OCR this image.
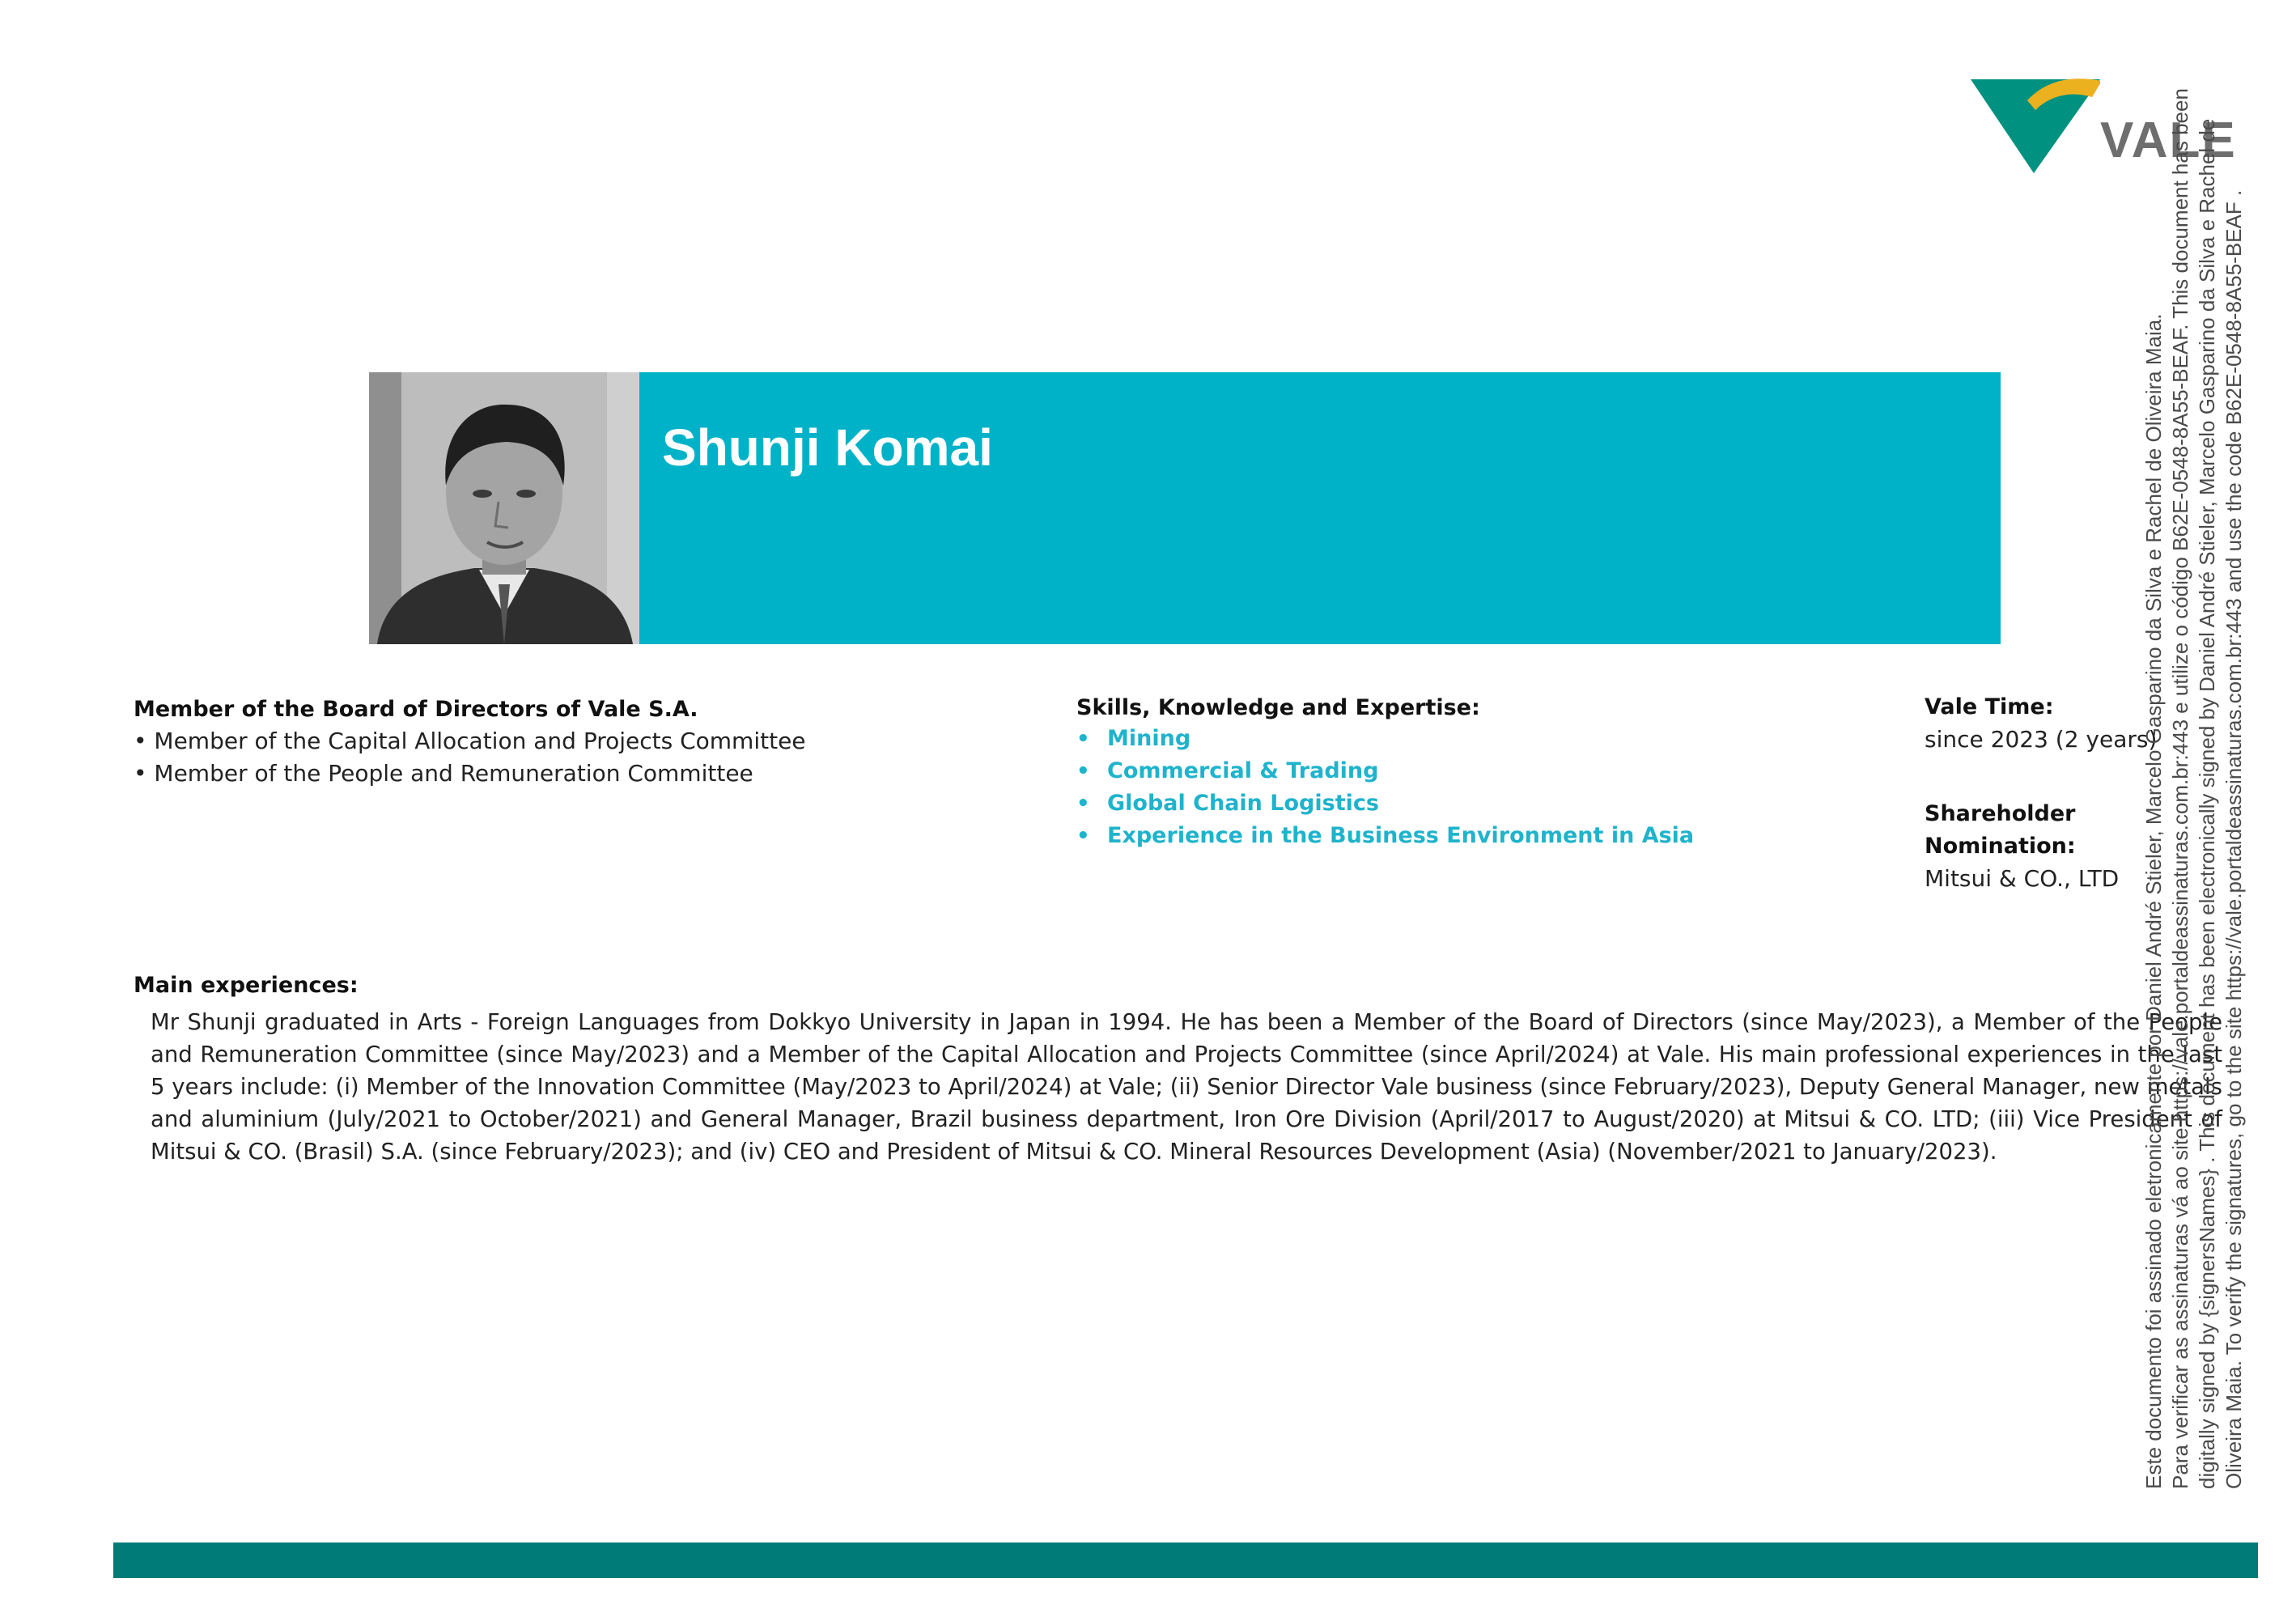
VALE
Shunji Komai
Member of the Board of Directors of Vale S.A.
• Member of the Capital Allocation and Projects Committee
• Member of the People and Remuneration Committee
Skills, Knowledge and Expertise:
• Mining
• Commercial & Trading
• Global Chain Logistics
• Experience in the Business Environment in Asia
Vale Time:
since 2023 (2 years)
Shareholder
Nomination:
Mitsui & CO., LTD
Main experiences:
Mr Shunji graduated in Arts - Foreign Languages from Dokkyo University in Japan in 1994. He has been a Member of the Board of Directors (since May/2023), a Member of the People and Remuneration Committee (since May/2023) and a Member of the Capital Allocation and Projects Committee (since April/2024) at Vale. His main professional experiences in the last 5 years include: (i) Member of the Innovation Committee (May/2023 to April/2024) at Vale; (ii) Senior Director Vale business (since February/2023), Deputy General Manager, new metals and aluminium (July/2021 to October/2021) and General Manager, Brazil business department, Iron Ore Division (April/2017 to August/2020) at Mitsui & CO. LTD; (iii) Vice President of Mitsui & CO. (Brasil) S.A. (since February/2023); and (iv) CEO and President of Mitsui & CO. Mineral Resources Development (Asia) (November/2021 to January/2023).	Este documento foi assinado eletronicamente por Daniel André Stieler, Marcelo Gasparino da Silva e Rachel de Oliveira Maia. Para verificar as assinaturas vá ao site https://vale.portaldeassinaturas.com.br:443 e utilize o código B62E-0548-8A55-BEAF. This document has been digitally signed by {signersNames} . This document has been electronically signed by Daniel André Stieler, Marcelo Gasparino da Silva e Rachel de Oliveira Maia. To verify the signatures, go to the site https://vale.portaldeassinaturas.com.br:443 and use the code B62E-0548-8A55-BEAF .
